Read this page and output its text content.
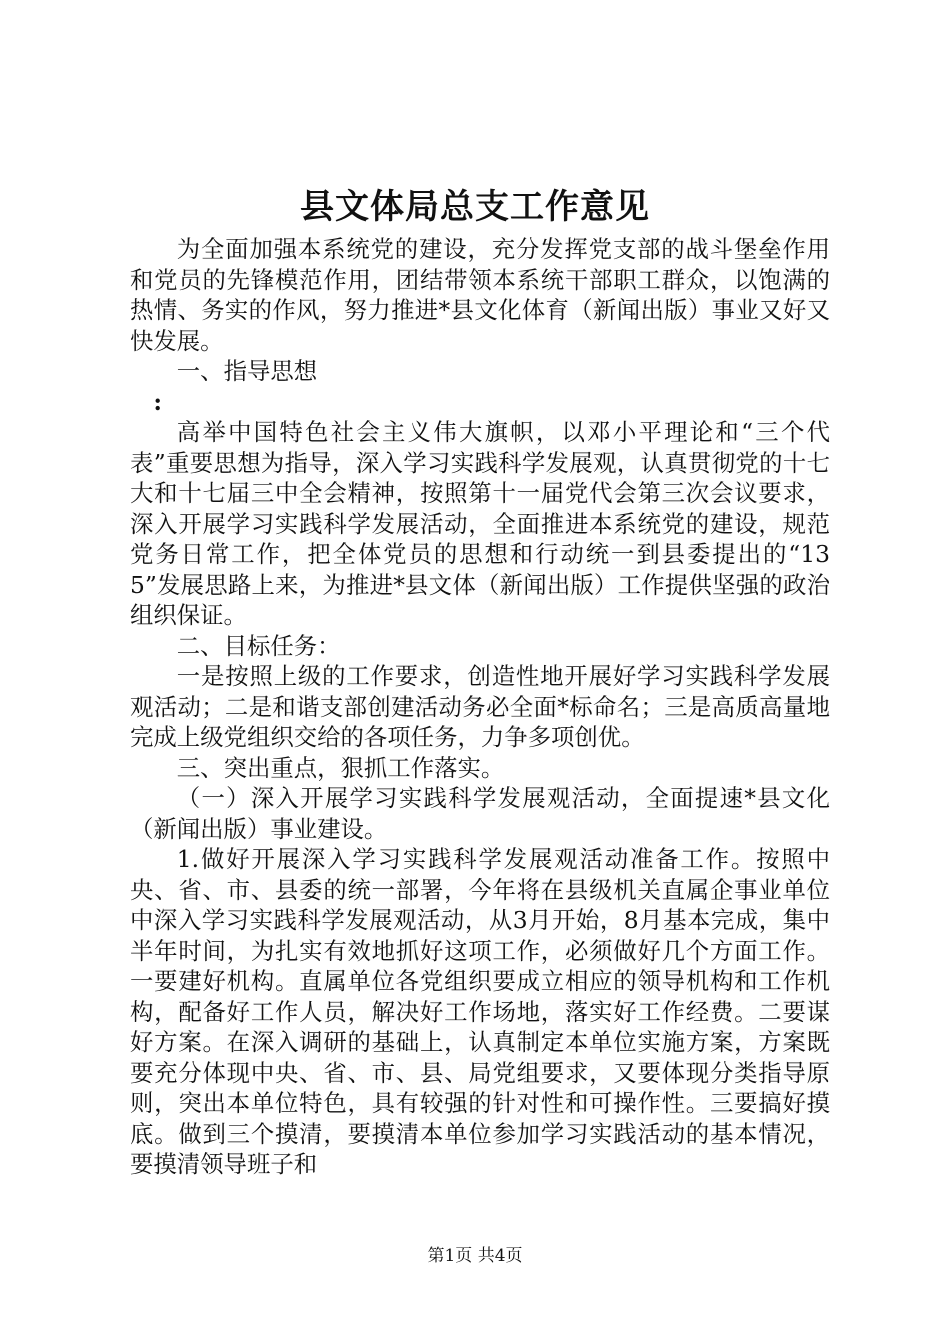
县文体局总支工作意见

为全面加强本系统党的建设，充分发挥党支部的战斗堡垒作用和党员的先锋模范作用，团结带领本系统干部职工群众，以饱满的热情、务实的作风，努力推进*县文化体育（新闻出版）事业又好又快发展。

一、指导思想

:

高举中国特色社会主义伟大旗帜，以邓小平理论和“三个代表”重要思想为指导，深入学习实践科学发展观，认真贯彻党的十七大和十七届三中全会精神，按照第十一届党代会第三次会议要求，深入开展学习实践科学发展活动，全面推进本系统党的建设，规范党务日常工作，把全体党员的思想和行动统一到县委提出的“135”发展思路上来，为推进*县文体（新闻出版）工作提供坚强的政治组织保证。

二、目标任务：

一是按照上级的工作要求，创造性地开展好学习实践科学发展观活动；二是和谐支部创建活动务必全面*标命名；三是高质高量地完成上级党组织交给的各项任务，力争多项创优。

三、突出重点，狠抓工作落实。

（一）深入开展学习实践科学发展观活动，全面提速*县文化（新闻出版）事业建设。

1.做好开展深入学习实践科学发展观活动准备工作。按照中央、省、市、县委的统一部署，今年将在县级机关直属企事业单位中深入学习实践科学发展观活动，从3月开始，8月基本完成，集中半年时间，为扎实有效地抓好这项工作，必须做好几个方面工作。一要建好机构。直属单位各党组织要成立相应的领导机构和工作机构，配备好工作人员，解决好工作场地，落实好工作经费。二要谋好方案。在深入调研的基础上，认真制定本单位实施方案，方案既要充分体现中央、省、市、县、局党组要求，又要体现分类指导原则，突出本单位特色，具有较强的针对性和可操作性。三要搞好摸底。做到三个摸清，要摸清本单位参加学习实践活动的基本情况，要摸清领导班子和

第1页 共4页
